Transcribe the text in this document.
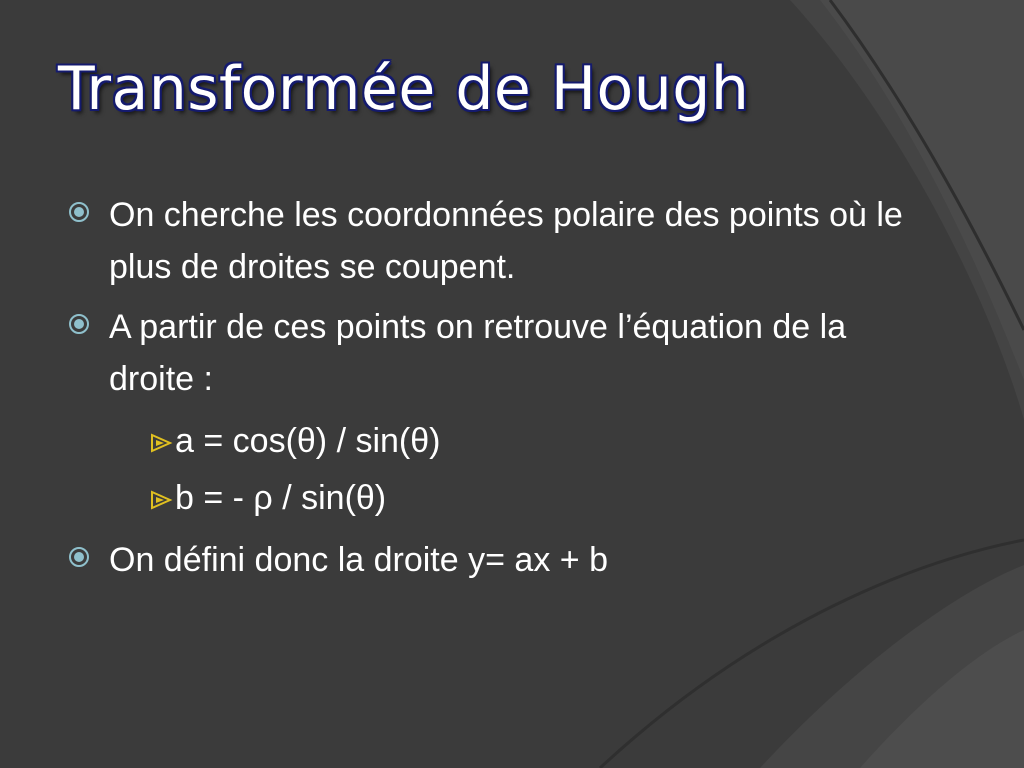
Transformée de Hough
On cherche les coordonnées polaire des points où le plus de droites se coupent.
A partir de ces points on retrouve l’équation de la droite :
a = cos(θ) / sin(θ)
b = - ρ / sin(θ)
On défini donc la droite y= ax + b
